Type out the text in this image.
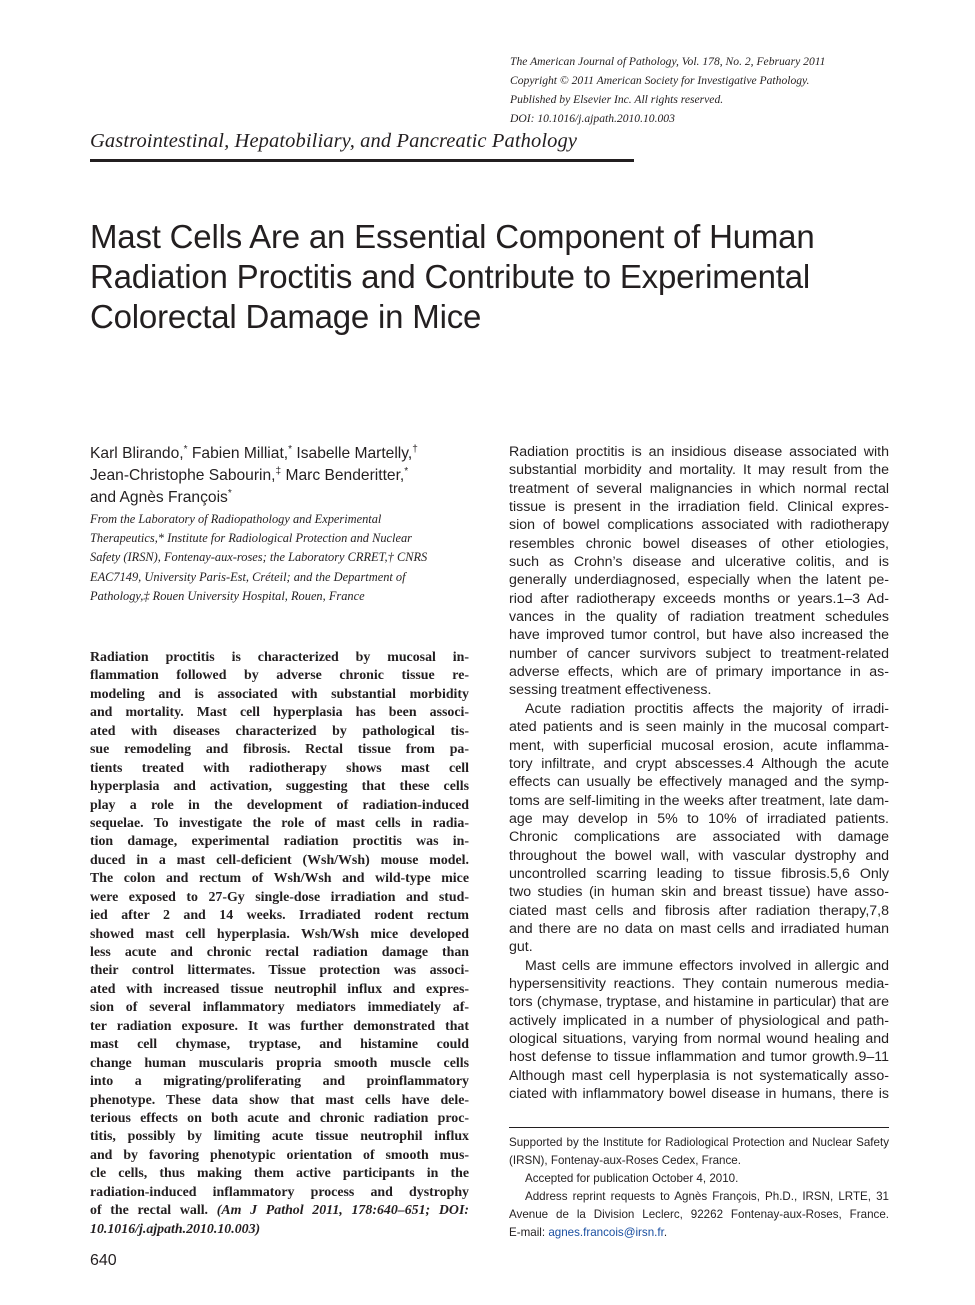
The American Journal of Pathology, Vol. 178, No. 2, February 2011
Copyright © 2011 American Society for Investigative Pathology.
Published by Elsevier Inc. All rights reserved.
DOI: 10.1016/j.ajpath.2010.10.003
Gastrointestinal, Hepatobiliary, and Pancreatic Pathology
Mast Cells Are an Essential Component of Human
Radiation Proctitis and Contribute to Experimental
Colorectal Damage in Mice
Karl Blirando,* Fabien Milliat,* Isabelle Martelly,†
Jean-Christophe Sabourin,‡ Marc Benderitter,*
and Agnès François*
From the Laboratory of Radiopathology and Experimental
Therapeutics,* Institute for Radiological Protection and Nuclear
Safety (IRSN), Fontenay-aux-roses; the Laboratory CRRET,† CNRS
EAC7149, University Paris-Est, Créteil; and the Department of
Pathology,‡ Rouen University Hospital, Rouen, France
Radiation proctitis is characterized by mucosal in-
flammation followed by adverse chronic tissue re-
modeling and is associated with substantial morbidity
and mortality. Mast cell hyperplasia has been associ-
ated with diseases characterized by pathological tis-
sue remodeling and fibrosis. Rectal tissue from pa-
tients treated with radiotherapy shows mast cell
hyperplasia and activation, suggesting that these cells
play a role in the development of radiation-induced
sequelae. To investigate the role of mast cells in radia-
tion damage, experimental radiation proctitis was in-
duced in a mast cell-deficient (Wsh/Wsh) mouse model.
The colon and rectum of Wsh/Wsh and wild-type mice
were exposed to 27-Gy single-dose irradiation and stud-
ied after 2 and 14 weeks. Irradiated rodent rectum
showed mast cell hyperplasia. Wsh/Wsh mice developed
less acute and chronic rectal radiation damage than
their control littermates. Tissue protection was associ-
ated with increased tissue neutrophil influx and expres-
sion of several inflammatory mediators immediately af-
ter radiation exposure. It was further demonstrated that
mast cell chymase, tryptase, and histamine could
change human muscularis propria smooth muscle cells
into a migrating/proliferating and proinflammatory
phenotype. These data show that mast cells have dele-
terious effects on both acute and chronic radiation proc-
titis, possibly by limiting acute tissue neutrophil influx
and by favoring phenotypic orientation of smooth mus-
cle cells, thus making them active participants in the
radiation-induced inflammatory process and dystrophy
of the rectal wall. (Am J Pathol 2011, 178:640–651; DOI:
10.1016/j.ajpath.2010.10.003)
Radiation proctitis is an insidious disease associated with
substantial morbidity and mortality. It may result from the
treatment of several malignancies in which normal rectal
tissue is present in the irradiation field. Clinical expres-
sion of bowel complications associated with radiotherapy
resembles chronic bowel diseases of other etiologies,
such as Crohn’s disease and ulcerative colitis, and is
generally underdiagnosed, especially when the latent pe-
riod after radiotherapy exceeds months or years.1–3 Ad-
vances in the quality of radiation treatment schedules
have improved tumor control, but have also increased the
number of cancer survivors subject to treatment-related
adverse effects, which are of primary importance in as-
sessing treatment effectiveness.
Acute radiation proctitis affects the majority of irradi-
ated patients and is seen mainly in the mucosal compart-
ment, with superficial mucosal erosion, acute inflamma-
tory infiltrate, and crypt abscesses.4 Although the acute
effects can usually be effectively managed and the symp-
toms are self-limiting in the weeks after treatment, late dam-
age may develop in 5% to 10% of irradiated patients.
Chronic complications are associated with damage
throughout the bowel wall, with vascular dystrophy and
uncontrolled scarring leading to tissue fibrosis.5,6 Only
two studies (in human skin and breast tissue) have asso-
ciated mast cells and fibrosis after radiation therapy,7,8
and there are no data on mast cells and irradiated human
gut.
Mast cells are immune effectors involved in allergic and
hypersensitivity reactions. They contain numerous media-
tors (chymase, tryptase, and histamine in particular) that are
actively implicated in a number of physiological and path-
ological situations, varying from normal wound healing and
host defense to tissue inflammation and tumor growth.9–11
Although mast cell hyperplasia is not systematically asso-
ciated with inflammatory bowel disease in humans, there is
Supported by the Institute for Radiological Protection and Nuclear Safety
(IRSN), Fontenay-aux-Roses Cedex, France.
Accepted for publication October 4, 2010.
Address reprint requests to Agnès François, Ph.D., IRSN, LRTE, 31
Avenue de la Division Leclerc, 92262 Fontenay-aux-Roses, France.
E-mail: agnes.francois@irsn.fr.
640
